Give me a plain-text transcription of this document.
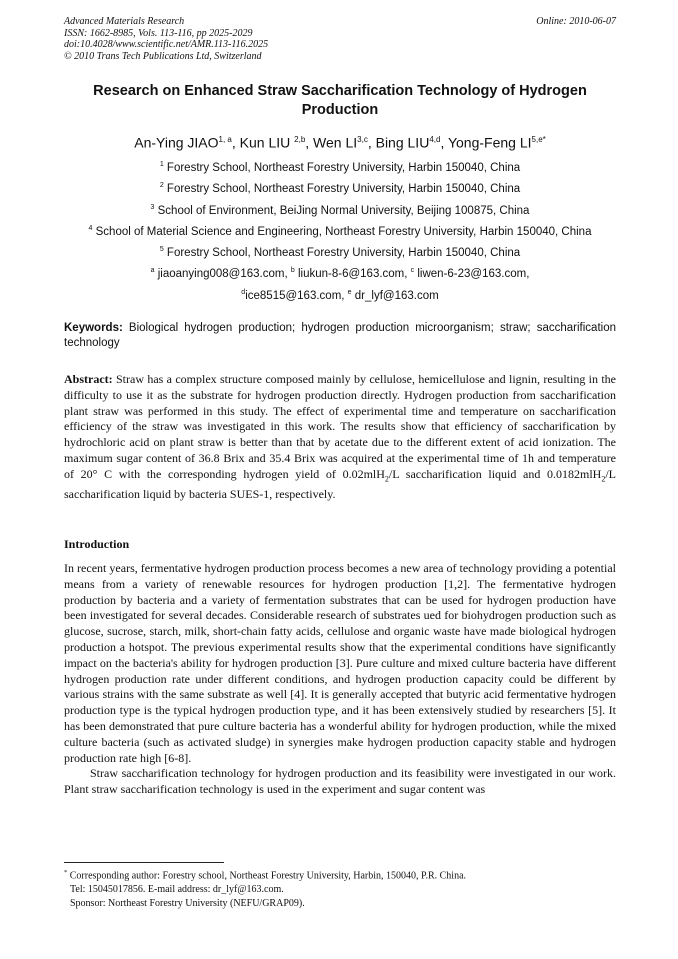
Advanced Materials Research
ISSN: 1662-8985, Vols. 113-116, pp 2025-2029
doi:10.4028/www.scientific.net/AMR.113-116.2025
© 2010 Trans Tech Publications Ltd, Switzerland
Online: 2010-06-07
Research on Enhanced Straw Saccharification Technology of Hydrogen Production
An-Ying JIAO$^{1, a}$, Kun LIU $^{2,b}$, Wen LI$^{3,c}$, Bing LIU$^{4,d}$, Yong-Feng $LI^{5,e*}$
$^1$ Forestry School, Northeast Forestry University, Harbin 150040, China
$^2$ Forestry School, Northeast Forestry University, Harbin 150040, China
$^3$ School of Environment, BeiJing Normal University, Beijing 100875, China
$^4$ School of Material Science and Engineering, Northeast Forestry University, Harbin 150040, China
$^5$ Forestry School, Northeast Forestry University, Harbin 150040, China
$^a$ jiaoanying008@163.com, $^b$ liukun-8-6@163.com, $^c$ liwen-6-23@163.com,
$^d$ice8515@163.com, $^e$ dr_lyf@163.com
Keywords: Biological hydrogen production; hydrogen production microorganism; straw; saccharification technology
Abstract: Straw has a complex structure composed mainly by cellulose, hemicellulose and lignin, resulting in the difficulty to use it as the substrate for hydrogen production directly. Hydrogen production from saccharification plant straw was performed in this study. The effect of experimental time and temperature on saccharification efficiency of the straw was investigated in this work. The results show that efficiency of saccharification by hydrochloric acid on plant straw is better than that by acetate due to the different extent of acid ionization. The maximum sugar content of 36.8 Brix and 35.4 Brix was acquired at the experimental time of 1h and temperature of 20° C with the corresponding hydrogen yield of 0.02mlH$_2$/L saccharification liquid and 0.0182mlH$_2$/L saccharification liquid by bacteria SUES-1, respectively.
Introduction

In recent years, fermentative hydrogen production process becomes a new area of technology providing a potential means from a variety of renewable resources for hydrogen production [1,2]. The fermentative hydrogen production by bacteria and a variety of fermentation substrates that can be used for hydrogen production have been investigated for several decades. Considerable research of substrates ued for biohydrogen production such as glucose, sucrose, starch, milk, short-chain fatty acids, cellulose and organic waste have made biological hydrogen production a hotspot. The previous experimental results show that the experimental conditions have significantly impact on the bacteria's ability for hydrogen production [3]. Pure culture and mixed culture bacteria have different hydrogen production rate under different conditions, and hydrogen production capacity could be different by various strains with the same substrate as well [4]. It is generally accepted that butyric acid fermentative hydrogen production type is the typical hydrogen production type, and it has been extensively studied by researchers [5]. It has been demonstrated that pure culture bacteria has a wonderful ability for hydrogen production, while the mixed culture bacteria (such as activated sludge) in synergies make hydrogen production capacity stable and hydrogen production rate high [6-8].

Straw saccharification technology for hydrogen production and its feasibility were investigated in our work. Plant straw saccharification technology is used in the experiment and sugar content was

* Corresponding author: Forestry school, Northeast Forestry University, Harbin, 150040, P.R. China.
Tel: 15045017856. E-mail address: dr_lyf@163.com.
Sponsor: Northeast Forestry University (NEFU/GRAP09).
